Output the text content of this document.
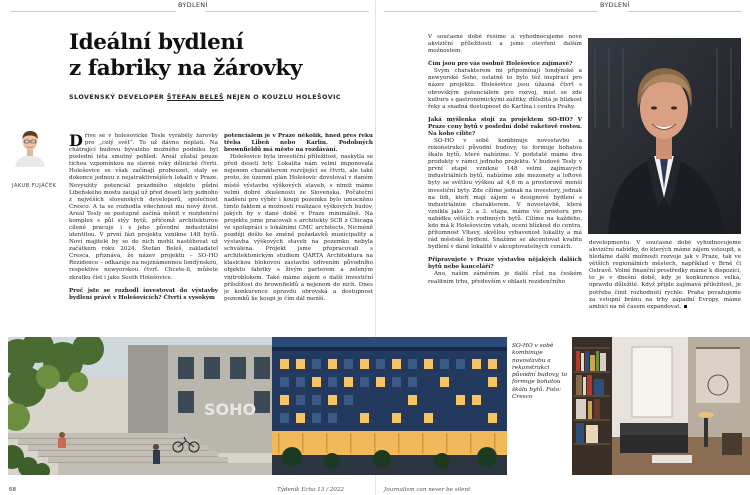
BYDLENÍ	BYDLENÍ
Ideální bydlení
z fabriky na žárovky
SLOVENSKÝ DEVELOPER ŠTEFAN BELEŠ NEJEN O KOUZLU HOLEŠOVIC
JAKUB FUJÁČEK

Dříve se v holešovické Tesle vyráběly žárovky pro „celý svět“. To už dávno neplatí. Na chátrající budovu bývalého možného podniku byl poslední léta smutný pohled. Areál zůstal pouze tichou vzpomínkou na slavné roky dělnické čtvrti. Holešovice se však začínají probouzet, staly se dokonce jednou z nejatraktivnějších lokalit v Praze. Nevyužitý potenciál prázdného objektu půdní Libeňského mostu zaujal už před deseti lety jednoho z nejvěších slovenských developerů, společnost Cresco. A ta se rozhodla vdechnout mu nový život. Areál Tesly se postupně začíná měnit v rezidenční komplex s půl stýy bytů, přičemž architekturou cílené pracuje i s jeho původní industriální identitou. V první fázi projektu vznikne 148 bytů. Noví majitelé by se do nich mohli nastěhovat už začátkem roku 2024. Štefan Beleš, zakladatel Cresca, přiznává, že název projektu – SO-HO Rezidence – odkazuje na nejznámennou londýnskou, respektive newyorskou čtvrť. Chcete-li, můžete zkratku číst i jako South Holešovice.

Proč jste se rozhodl investovat do výstavby bydlení právě v Holešovicích? Čtvrti s vysokým

potenciálem je v Praze několik, hned přes řeku třeba Libeň nebo Karlín. Podobných brownfieldů má město na rozdávání.

Holešovice byla investiční příležitost, naskytla se před deseti lety. Lokalita nám velmi imponovala nejenom charakterem rozvíjející se čtvrti, ale také proto, že územní plán Holešovic dovoloval v daném místě výstavbu výškových staveb, s nimiž máme velmi dobré zkušenosti ze Slovenska. Počáteční nadšení pro výběr i koupi pozemku bylo umocněno tímto faktem a možností realizace výškových budov, jakých by v dané době v Praze minimálně. Na projektu jsme pracovali s architekty SCB z Chicaga ve spolupráci s lokálními CMC architects. Nicméně později došlo ke změně požadavků municipality a výstavba výškových staveb na pozemku nebyla schválena. Projekt jsme přepracovali s architektonickým studiem QARTA Architektura na klasickou blokovou zástavbu odivením původního objektu fabriky s živým parterem a zeleným vnitroblokem. Také máme zájem o další investiční příležitost do brownfieldů a nejenom do nich. Dnes je konkurence opravdu obrovská a dostupnost pozemků ke koupi je čím dál menší.

V současné době řešíme a vyhodnocujeme nové akviziční příležitosti a jsme otevřeni dalším možnostem.

Čím jsou pro vás osobně Holešovice zajímavé?

Svým charakterem mi připomínají londýnské a newyorské Soho, ostatně to bylo též inspirací pro název projektu. Holešovice jsou úžasná čtvrť s obrovským potenciálem pro rozvoj, míst se zde kulturu s gastronomickými zážitky, důležitá je blízkost řeky a snadná dostupnost do Karlína i centra Prahy.

Jaká myšlenka stojí za projektem SO-HO? V Praze ceny bytů v poslední době raketově rostou. Na koho cílíte?

SO-HO v sobě kombinuje novostavbu a rekonstrukci původní budovy, to formuje bohatou škálu bytů, které nabízíme. V podstatě máme dva produkty v rámci jednoho projektu. V budově Tesly v první etapě vznikne 148 velmi zajímavých industriálních bytů, nabízíme zde mezonety a loftové byty se světlou výškou až 4,6 m a prostorově menší investiční byty. Zde cílíme jednak na investory, jednak na lidi, kteří mají zájem o designové bydlení s industriálním charakterem. V novostavbě, která vznikla jako 2. a 3. etapa, máme víc prostoru pro nabídku větších rodinných bytů. Cílíme na každého, kdo má k Holešovicím vztah, oceni blízkost do centra, přítomnost Vltavy, skvělou vybavenost lokality a má rád městské bydlení. Snažíme se akcentovat kvalitu bydlení v dané lokalitě v akceptovatelných cenách.

Připravujete v Praze výstavbu nějakých dalších bytů nebo kanceláří?

Ano, našim záměrem je další růst na českém realitním trhu, především v oblasti rezidenčního

developmentu. V současné době vyhodnocujeme akviziční nabídky, do kterých máme zájem vstoupit, a hledáme další možnosti rozvoje jak v Praze, tak ve větších regionálních městech, například v Brně či Ostravě. Volné finanční prostředky máme k dispozici, to je v dnešní době, kdy je konkurence velká, opravdu důležité. Když přijde zajímavá příležitost, je potřeba čínit rozhodnutí rychle. Praha považujeme za vstupní bránu na trhy západní Evropy, máme ambici na ně časem expandovat.

SOHO
SO-HO v sobě kombinuje novostavbu a rekonstrukci původní budovy, to formuje bohatou škálu bytů. Foto: Cresco
68	Týdeník Echo 13 / 2022	Journalism can never be silent
